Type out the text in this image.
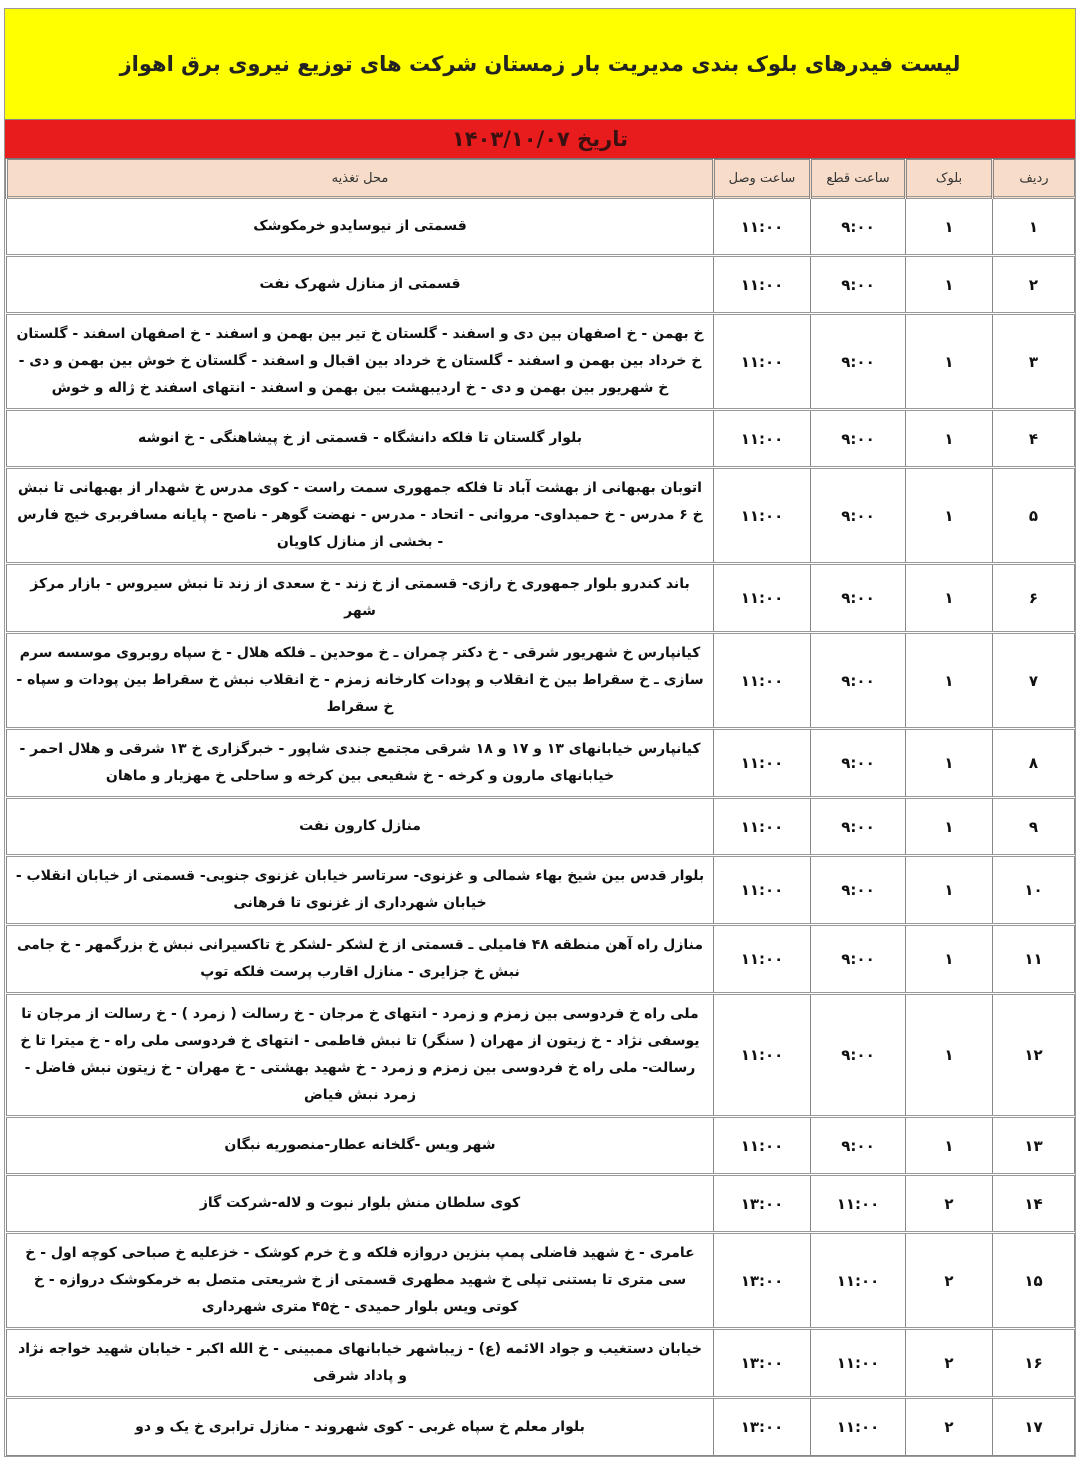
لیست فیدرهای بلوک بندی مدیریت بار زمستان شرکت های توزیع نیروی برق اهواز
تاریخ ۱۴۰۳/۱۰/۰۷
ردیف	بلوک	ساعت قطع	ساعت وصل	محل تغذیه
۱	۱	۹:۰۰	۱۱:۰۰	قسمتی از نیوسایدو خرمکوشک
۲	۱	۹:۰۰	۱۱:۰۰	قسمتی از منازل شهرک نفت
۳	۱	۹:۰۰	۱۱:۰۰	خ بهمن - خ اصفهان بین دی و اسفند - گلستان خ تیر بین بهمن و اسفند - خ اصفهان اسفند - گلستان خ خرداد بین بهمن و اسفند - گلستان خ خرداد بین اقبال و اسفند - گلستان خ خوش بین بهمن و دی - خ شهریور بین بهمن و دی - خ اردیبهشت بین بهمن و اسفند - انتهای اسفند خ ژاله و خوش
۴	۱	۹:۰۰	۱۱:۰۰	بلوار گلستان تا فلکه دانشگاه - قسمتی از خ پیشاهنگی - خ انوشه
۵	۱	۹:۰۰	۱۱:۰۰	اتوبان بهبهانی از بهشت آباد تا فلکه جمهوری سمت راست - کوی مدرس خ شهدار از بهبهانی تا نبش خ ۶ مدرس - خ حمیداوی- مروانی - اتحاد - مدرس - نهضت گوهر - ناصح - پایانه مسافربری خیج فارس - بخشی از منازل کاویان
۶	۱	۹:۰۰	۱۱:۰۰	باند کندرو بلوار جمهوری خ رازی- قسمتی از خ زند - خ سعدی از زند تا نبش سیروس - بازار مرکز شهر
۷	۱	۹:۰۰	۱۱:۰۰	کیانپارس خ شهریور شرقی - خ دکتر چمران ـ خ موحدین ـ فلکه هلال - خ سپاه روبروی موسسه سرم سازی ـ خ سقراط بین خ انقلاب و پودات کارخانه زمزم - خ انقلاب نبش خ سقراط بین پودات و سپاه - خ سقراط
۸	۱	۹:۰۰	۱۱:۰۰	کیانپارس خیابانهای ۱۳ و ۱۷ و ۱۸ شرقی مجتمع جندی شاپور - خبرگزاری خ ۱۳ شرقی و هلال احمر - خیابانهای مارون و کرخه - خ شفیعی بین کرخه و ساحلی خ مهزیار و ماهان
۹	۱	۹:۰۰	۱۱:۰۰	منازل کارون نفت
۱۰	۱	۹:۰۰	۱۱:۰۰	بلوار قدس بین شیخ بهاء شمالی و غزنوی- سرتاسر خیابان غزنوی جنوبی- قسمتی از خیابان انقلاب - خیابان شهرداری از غزنوی تا فرهانی
۱۱	۱	۹:۰۰	۱۱:۰۰	منازل راه آهن منطقه ۴۸ فامیلی ـ قسمتی از خ لشکر -لشکر خ تاکسیرانی نبش خ بزرگمهر - خ جامی نبش خ جزایری - منازل اقارب پرست فلکه توپ
۱۲	۱	۹:۰۰	۱۱:۰۰	ملی راه خ فردوسی بین زمزم و زمرد - انتهای خ مرجان - خ رسالت ( زمرد ) - خ رسالت از مرجان تا یوسفی نژاد - خ زیتون از مهران ( سنگر) تا نبش فاطمی - انتهای خ فردوسی ملی راه - خ میترا تا خ رسالت- ملی راه خ فردوسی بین زمزم و زمرد - خ شهید بهشتی - خ مهران - خ زیتون نبش فاضل - زمرد نبش فیاض
۱۳	۱	۹:۰۰	۱۱:۰۰	شهر ویس -گلخانه عطار-منصوریه نبگان
۱۴	۲	۱۱:۰۰	۱۳:۰۰	کوی سلطان منش بلوار نبوت و لاله-شرکت گاز
۱۵	۲	۱۱:۰۰	۱۳:۰۰	عامری - خ شهید فاضلی پمپ بنزین دروازه فلکه و خ خرم کوشک - خزعلیه خ صباحی کوچه اول - خ سی متری تا بستنی تپلی خ شهید مطهری قسمتی از خ شریعتی متصل به خرمکوشک دروازه - خ کوتی ویس بلوار حمیدی - خ۴۵ متری شهرداری
۱۶	۲	۱۱:۰۰	۱۳:۰۰	خیابان دستغیب و جواد الائمه (ع) - زیباشهر خیابانهای ممبینی - خ الله اکبر - خیابان شهید خواجه نژاد و پاداد شرقی
۱۷	۲	۱۱:۰۰	۱۳:۰۰	بلوار معلم خ سپاه غربی - کوی شهروند - منازل ترابری خ یک و دو
